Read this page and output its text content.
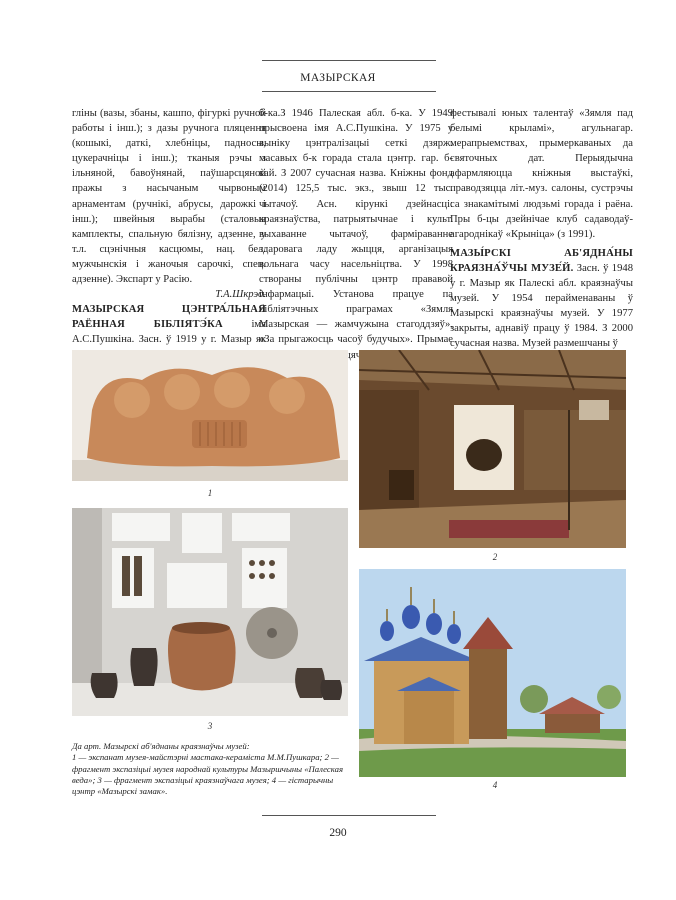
МАЗЫРСКАЯ

гліны (вазы, збаны, кашпо, фігуркі ручной работы і інш.); з дазы ручнога пляцення (кошыкі, даткі, хлебніцы, падносы, цукерачніцы і інш.); тканыя рэчы з ільняной, бавоўнянай, паўшарсцяной пражы з насычаным чырвоным арнаментам (ручнікі, абрусы, дарожкі і інш.); швейныя вырабы (сталовыя камплекты, спальную бялізну, адзенне, у т.л. сцэнічныя касцюмы, нац. бел. мужчынскія і жаночыя сарочкі, спец. адзенне). Экспарт у Расію.

Т.А.Шкрэд.

МАЗЫРСКАЯ ЦЭНТРА́ЛЬНАЯ РАЁННАЯ БІБЛІЯТЭ́КА	імя А.С.Пушкіна. Засн. ў 1919 у г. Мазыр як

б-ка.З 1946 Палеская абл. б-ка. У 1949 прысвоена імя А.С.Пушкіна. У 1975 у выніку цэнтралізацыі сеткі дзярж. масавых б-к горада стала цэнтр. гар. б-кай. З 2007 сучасная назва. Кніжны фонд (2014) 125,5 тыс. экз., звыш 12 тыс. чытачоў. Асн. кірункі дзейнасці: краязнаўства, патрыятычнае і культ. выхаванне чытачоў, фарміраванне здаровага ладу жыцця, арганізацыя вольнага часу насельніцтва. У 1998 створаны публічны цэнтр прававой інфармацыі. Установа працуе па бібліятэчных праграмах «Зямля Мазырская — жамчужына стагоддзяў», «За прыгажосць часоў будучых». Прымае дзіцячым

фестывалі юных талентаў «Зямля пад белымі крыламі», агульнагар. мерапрыемствах, прымеркаваных да святочных дат. Перыядычна афармляюцца кніжныя выстаўкі, праводзяцца літ.-муз. салоны, сустрэчы са знакамітымі людзьмі горада і раёна. Пры б-цы дзейнічае клуб садаводаў-агароднікаў «Крыніца» (з 1991).

МАЗЫ́РСКІ АБ'ЯДНА́НЫ КРАЯЗНА́ЎЧЫ МУЗЕ́Й. Засн. ў 1948 у г. Мазыр як Палескі абл. краязнаўчы музей. У 1954 перайменаваны ў Мазырскі краязнаўчы музей. У 1977 закрыты, аднавіў працу ў 1984. З 2000 сучасная назва. Музей размешчаны ў

1
2
3
4

Да арт. Мазырскі аб'яднаны краязнаўчы музей:

1 — экспанат музея-майстэрні мастака-кераміста М.М.Пушкара; 2 — фрагмент экспазіцыі музея народнай культуры Мазыршчыны «Палеская веда»; 3 — фрагмент экспазіцыі краязнаўчага музея; 4 — гістарычны цэнтр «Мазырскі замак».

290
